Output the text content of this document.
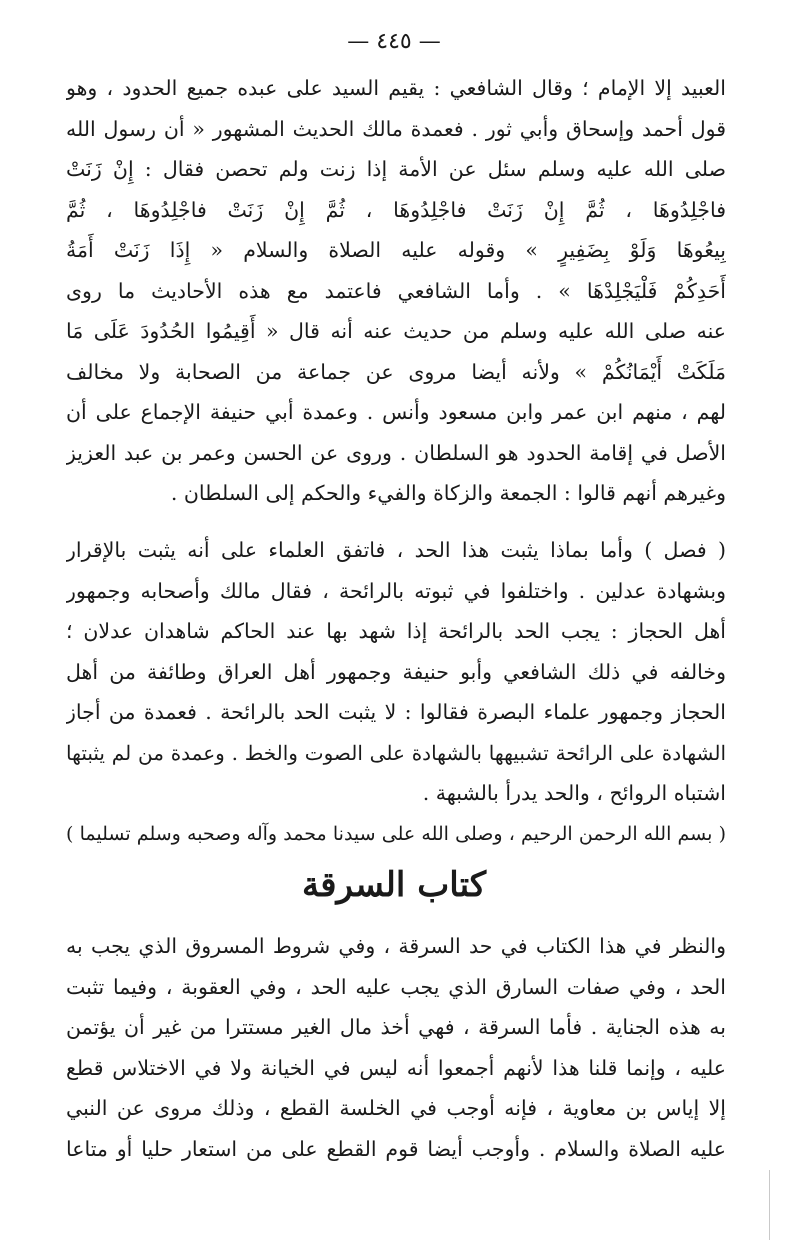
— ٤٤٥ —
العبيد إلا الإمام ؛ وقال الشافعي : يقيم السيد على عبده جميع الحدود ، وهو
قول أحمد وإسحاق وأبي ثور . فعمدة مالك الحديث المشهور « أن رسول الله
صلى الله عليه وسلم سئل عن الأمة إذا زنت ولم تحصن فقال : إِنْ زَنَتْ
فاجْلِدُوهَا ، ثُمَّ إِنْ زَنَتْ فاجْلِدُوهَا ، ثُمَّ إِنْ زَنَتْ فاجْلِدُوهَا ، ثُمَّ
بِيعُوهَا وَلَوْ بِضَفِيرٍ » وقوله عليه الصلاة والسلام « إِذَا زَنَتْ أَمَةُ
أَحَدِكُمْ فَلْيَجْلِدْهَا » . وأما الشافعي فاعتمد مع هذه الأحاديث ما روى
عنه صلى الله عليه وسلم من حديث عنه أنه قال « أَقِيمُوا الحُدُودَ عَلَى مَا
مَلَكَتْ أَيْمَانُكُمْ » ولأنه أيضا مروى عن جماعة من الصحابة ولا مخالف
لهم ، منهم ابن عمر وابن مسعود وأنس . وعمدة أبي حنيفة الإجماع على أن
الأصل في إقامة الحدود هو السلطان . وروى عن الحسن وعمر بن عبد العزيز
وغيرهم أنهم قالوا : الجمعة والزكاة والفيء والحكم إلى السلطان .
( فصل ) وأما بماذا يثبت هذا الحد ، فاتفق العلماء على أنه يثبت بالإقرار
وبشهادة عدلين . واختلفوا في ثبوته بالرائحة ، فقال مالك وأصحابه وجمهور
أهل الحجاز : يجب الحد بالرائحة إذا شهد بها عند الحاكم شاهدان عدلان ؛
وخالفه في ذلك الشافعي وأبو حنيفة وجمهور أهل العراق وطائفة من أهل
الحجاز وجمهور علماء البصرة فقالوا : لا يثبت الحد بالرائحة . فعمدة من أجاز
الشهادة على الرائحة تشبيهها بالشهادة على الصوت والخط . وعمدة من لم يثبتها
اشتباه الروائح ، والحد يدرأ بالشبهة .
( بسم الله الرحمن الرحيم ، وصلى الله على سيدنا محمد وآله وصحبه وسلم تسليما )
كتاب السرقة
والنظر في هذا الكتاب في حد السرقة ، وفي شروط المسروق الذي يجب به
الحد ، وفي صفات السارق الذي يجب عليه الحد ، وفي العقوبة ، وفيما تثبت
به هذه الجناية . فأما السرقة ، فهي أخذ مال الغير مستترا من غير أن يؤتمن
عليه ، وإنما قلنا هذا لأنهم أجمعوا أنه ليس في الخيانة ولا في الاختلاس قطع
إلا إياس بن معاوية ، فإنه أوجب في الخلسة القطع ، وذلك مروى عن النبي
عليه الصلاة والسلام . وأوجب أيضا قوم القطع على من استعار حليا أو متاعا
